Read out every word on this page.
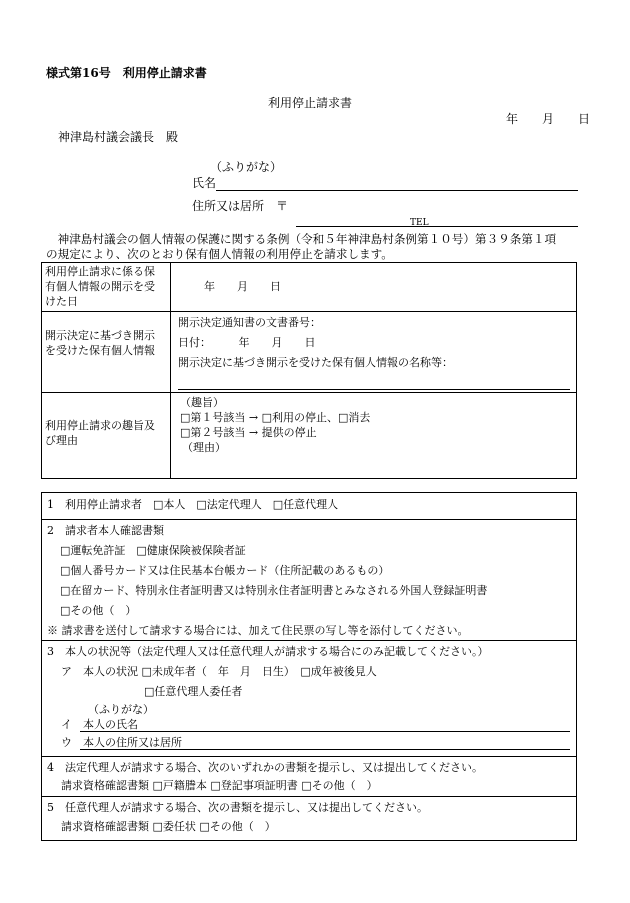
様式第16号　利用停止請求書
利用停止請求書
年　　月　　日
神津島村議会議長　殿
（ふりがな）
氏名
住所又は居所　〒
TEL
　神津島村議会の個人情報の保護に関する条例（令和５年神津島村条例第１０号）第３９条第１項
の規定により、次のとおり保有個人情報の利用停止を請求します。
利用停止請求に係る保有個人情報の開示を受けた日
年　　月　　日
開示決定に基づき開示を受けた保有個人情報
開示決定通知書の文書番号：
日付：　　　年　　月　　日
開示決定に基づき開示を受けた保有個人情報の名称等：
利用停止請求の趣旨及び理由
（趣旨）
□第１号該当 → □利用の停止、□消去
□第２号該当 → 提供の停止
（理由）
1　利用停止請求者　□本人　□法定代理人　□任意代理人
2　請求者本人確認書類
□運転免許証　□健康保険被保険者証
□個人番号カード又は住民基本台帳カード（住所記載のあるもの）
□在留カード、特別永住者証明書又は特別永住者証明書とみなされる外国人登録証明書
□その他（　）
※ 請求書を送付して請求する場合には、加えて住民票の写し等を添付してください。
3　本人の状況等（法定代理人又は任意代理人が請求する場合にのみ記載してください。）
ア　本人の状況 □未成年者（　年　月　日生）　□成年被後見人
□任意代理人委任者
（ふりがな）
イ　本人の氏名
ウ　本人の住所又は居所
4　法定代理人が請求する場合、次のいずれかの書類を提示し、又は提出してください。
請求資格確認書類 □戸籍謄本 □登記事項証明書 □その他（　）
5　任意代理人が請求する場合、次の書類を提示し、又は提出してください。
請求資格確認書類 □委任状 □その他（　）
